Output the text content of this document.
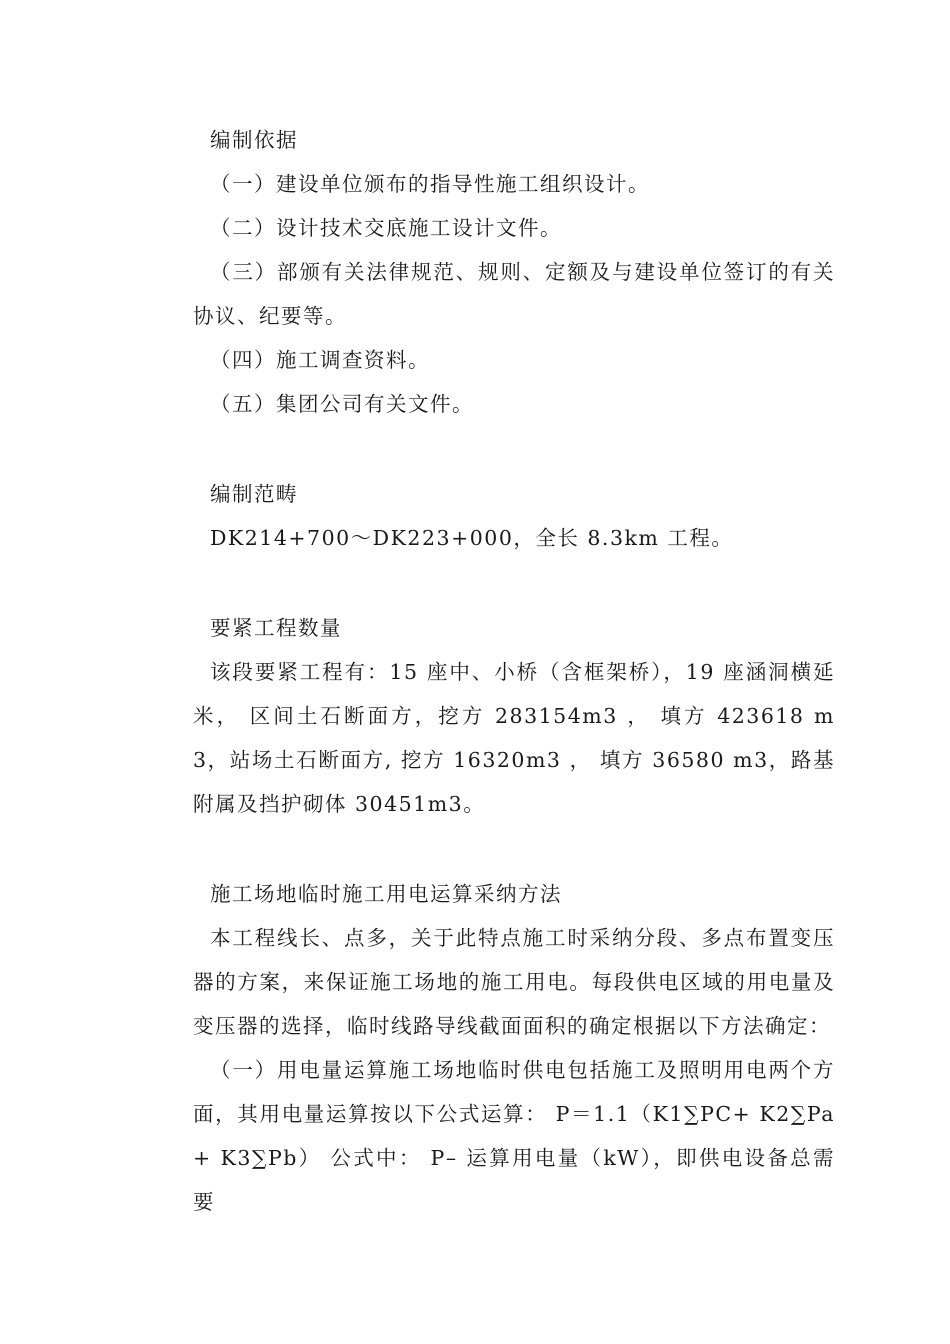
编制依据

（一）建设单位颁布的指导性施工组织设计。

（二）设计技术交底施工设计文件。

（三）部颁有关法律规范、规则、定额及与建设单位签订的有关协议、纪要等。

（四）施工调查资料。

（五）集团公司有关文件。

编制范畴

DK214+700～DK223+000，全长 8.3km 工程。

要紧工程数量

该段要紧工程有：15 座中、小桥（含框架桥），19 座涵洞横延米， 区间土石断面方，挖方 283154m3 ， 填方 423618 m3，站场土石断面方, 挖方 16320m3 ， 填方 36580 m3，路基附属及挡护砌体 30451m3。

施工场地临时施工用电运算采纳方法

本工程线长、点多，关于此特点施工时采纳分段、多点布置变压器的方案，来保证施工场地的施工用电。每段供电区域的用电量及变压器的选择，临时线路导线截面面积的确定根据以下方法确定：

（一）用电量运算施工场地临时供电包括施工及照明用电两个方面，其用电量运算按以下公式运算： P＝1.1（K1∑PC+ K2∑Pa+ K3∑Pb） 公式中： P– 运算用电量（kW），即供电设备总需要
